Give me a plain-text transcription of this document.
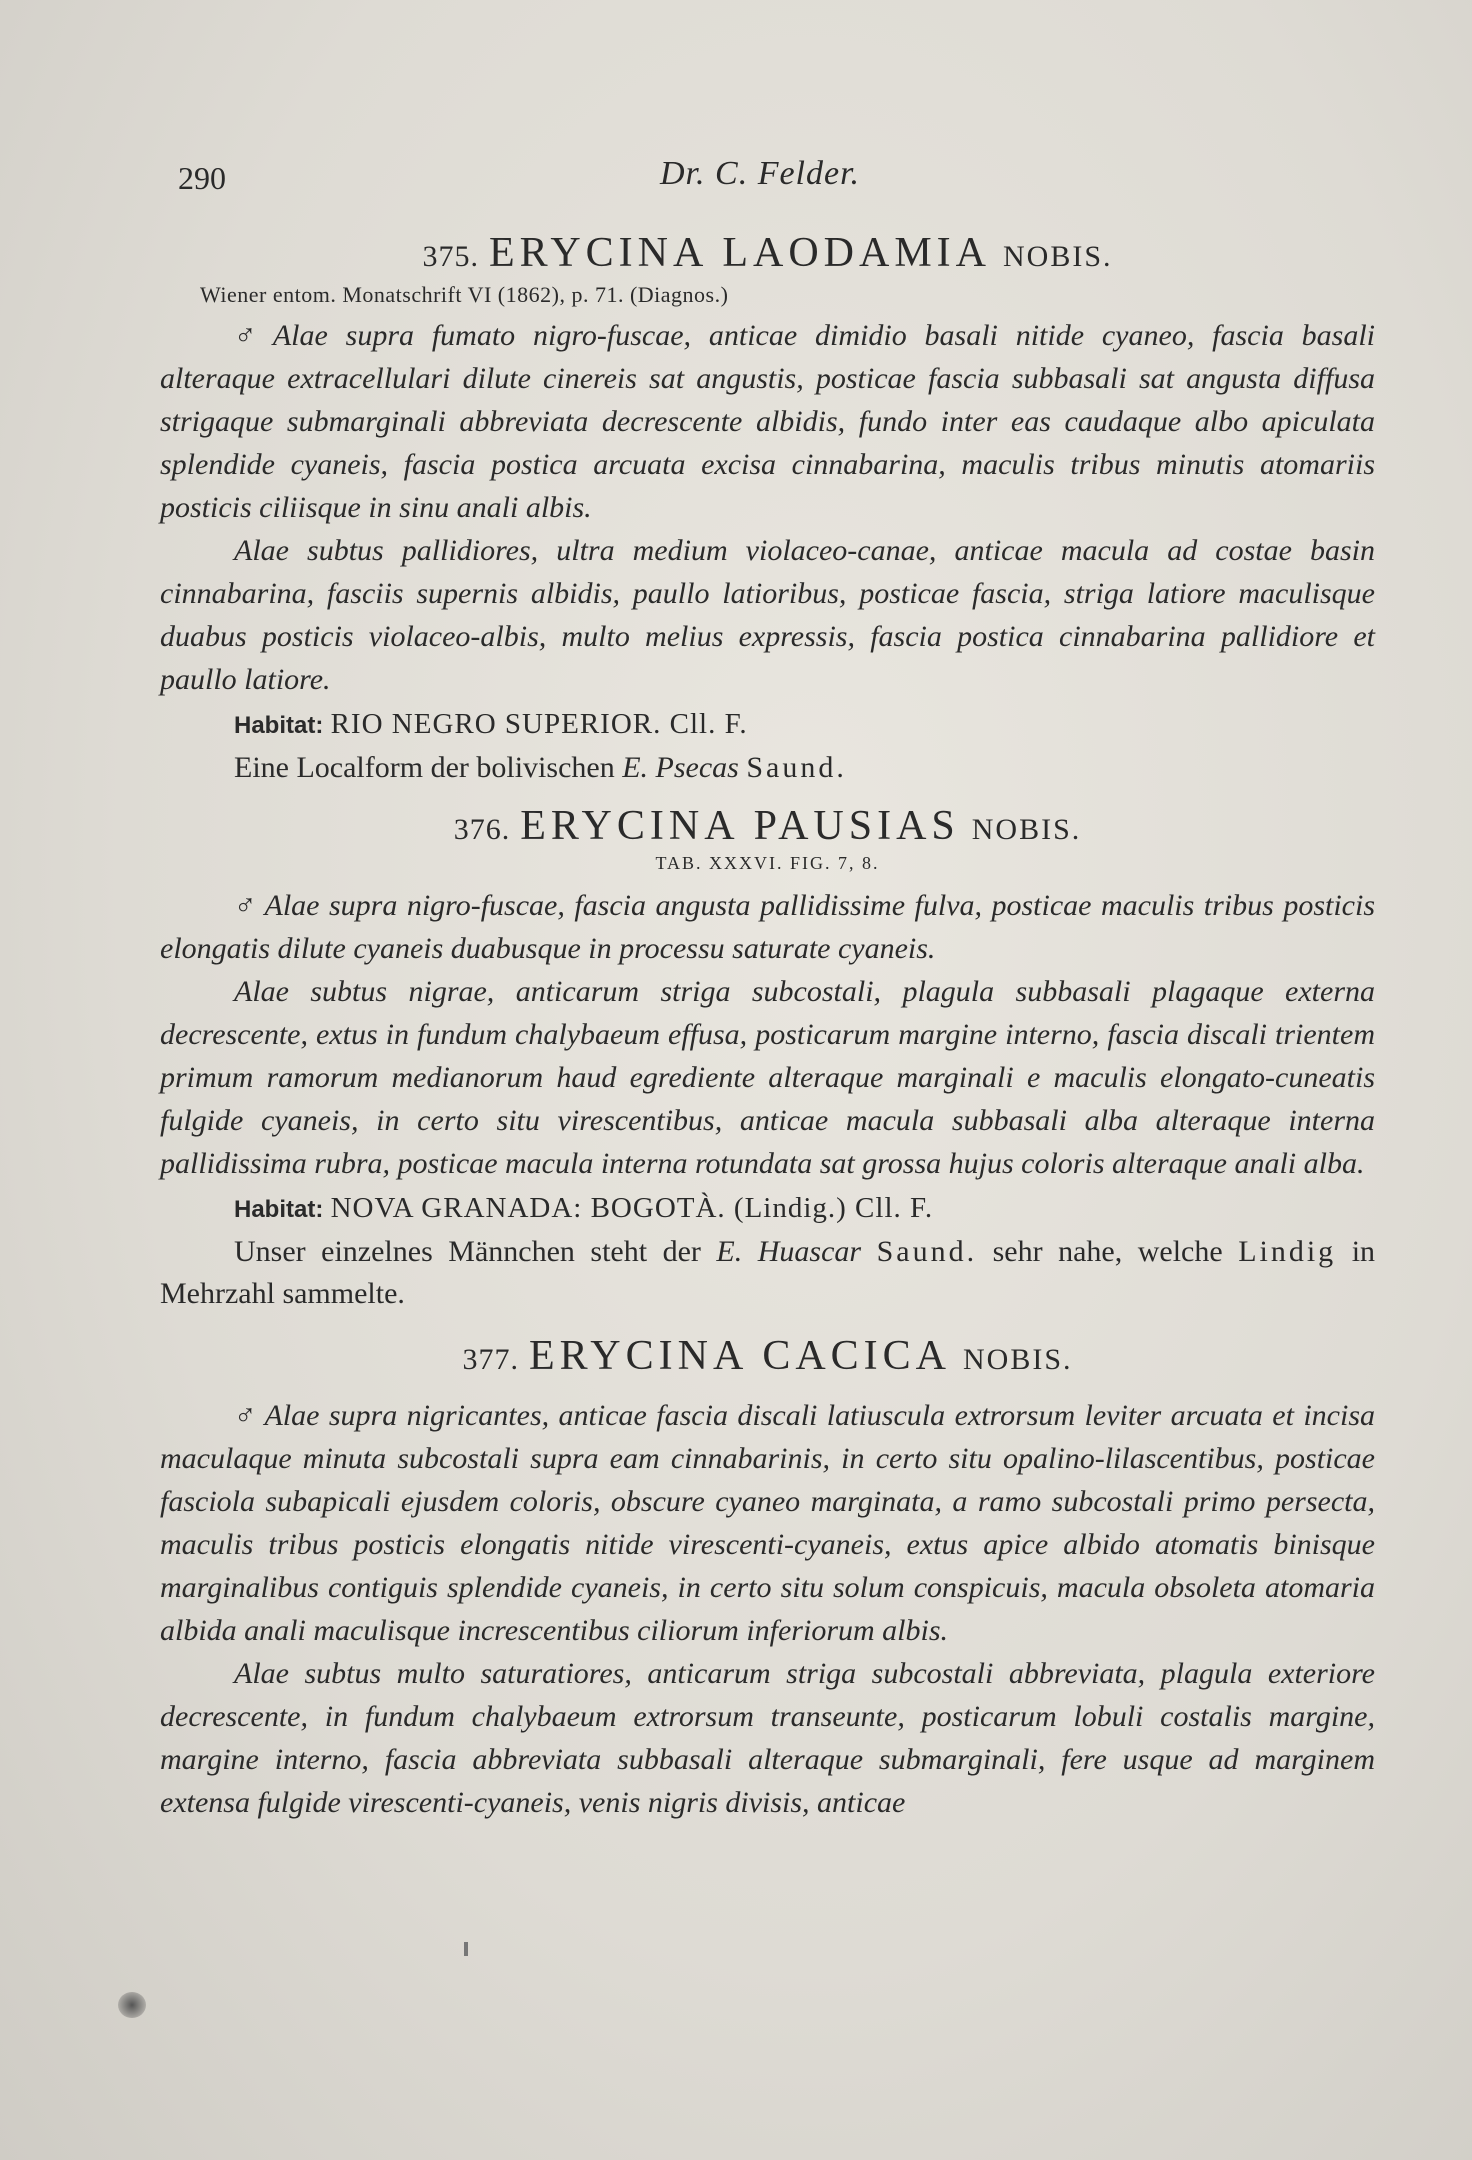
290	Dr. C. Felder.
375. ERYCINA LAODAMIA NOBIS.

Wiener entom. Monatschrift VI (1862), p. 71. (Diagnos.)

♂ Alae supra fumato nigro-fuscae, anticae dimidio basali nitide cyaneo, fascia basali alteraque extracellulari dilute cinereis sat angustis, posticae fascia subbasali sat angusta diffusa strigaque submarginali abbreviata decrescente albidis, fundo inter eas caudaque albo apiculata splendide cyaneis, fascia postica arcuata excisa cinnabarina, maculis tribus minutis atomariis posticis ciliisque in sinu anali albis.

Alae subtus pallidiores, ultra medium violaceo-canae, anticae macula ad costae basin cinnabarina, fasciis supernis albidis, paullo latioribus, posticae fascia, striga latiore maculisque duabus posticis violaceo-albis, multo melius expressis, fascia postica cinnabarina pallidiore et paullo latiore.

Habitat: RIO NEGRO SUPERIOR. Cll. F.

Eine Localform der bolivischen E. Psecas Saund.

376. ERYCINA PAUSIAS NOBIS.

TAB. XXXVI. FIG. 7, 8.

♂ Alae supra nigro-fuscae, fascia angusta pallidissime fulva, posticae maculis tribus posticis elongatis dilute cyaneis duabusque in processu saturate cyaneis.

Alae subtus nigrae, anticarum striga subcostali, plagula subbasali plagaque externa decrescente, extus in fundum chalybaeum effusa, posticarum margine interno, fascia discali trientem primum ramorum medianorum haud egrediente alteraque marginali e maculis elongato-cuneatis fulgide cyaneis, in certo situ virescentibus, anticae macula subbasali alba alteraque interna pallidissima rubra, posticae macula interna rotundata sat grossa hujus coloris alteraque anali alba.

Habitat: NOVA GRANADA: BOGOTÀ. (Lindig.) Cll. F.

Unser einzelnes Männchen steht der E. Huascar Saund. sehr nahe, welche Lindig in Mehrzahl sammelte.

377. ERYCINA CACICA NOBIS.

♂ Alae supra nigricantes, anticae fascia discali latiuscula extrorsum leviter arcuata et incisa maculaque minuta subcostali supra eam cinnabarinis, in certo situ opalino-lilascentibus, posticae fasciola subapicali ejusdem coloris, obscure cyaneo marginata, a ramo subcostali primo persecta, maculis tribus posticis elongatis nitide virescenti-cyaneis, extus apice albido atomatis binisque marginalibus contiguis splendide cyaneis, in certo situ solum conspicuis, macula obsoleta atomaria albida anali maculisque increscentibus ciliorum inferiorum albis.

Alae subtus multo saturatiores, anticarum striga subcostali abbreviata, plagula exteriore decrescente, in fundum chalybaeum extrorsum transeunte, posticarum lobuli costalis margine, margine interno, fascia abbreviata subbasali alteraque submarginali, fere usque ad marginem extensa fulgide virescenti-cyaneis, venis nigris divisis, anticae
